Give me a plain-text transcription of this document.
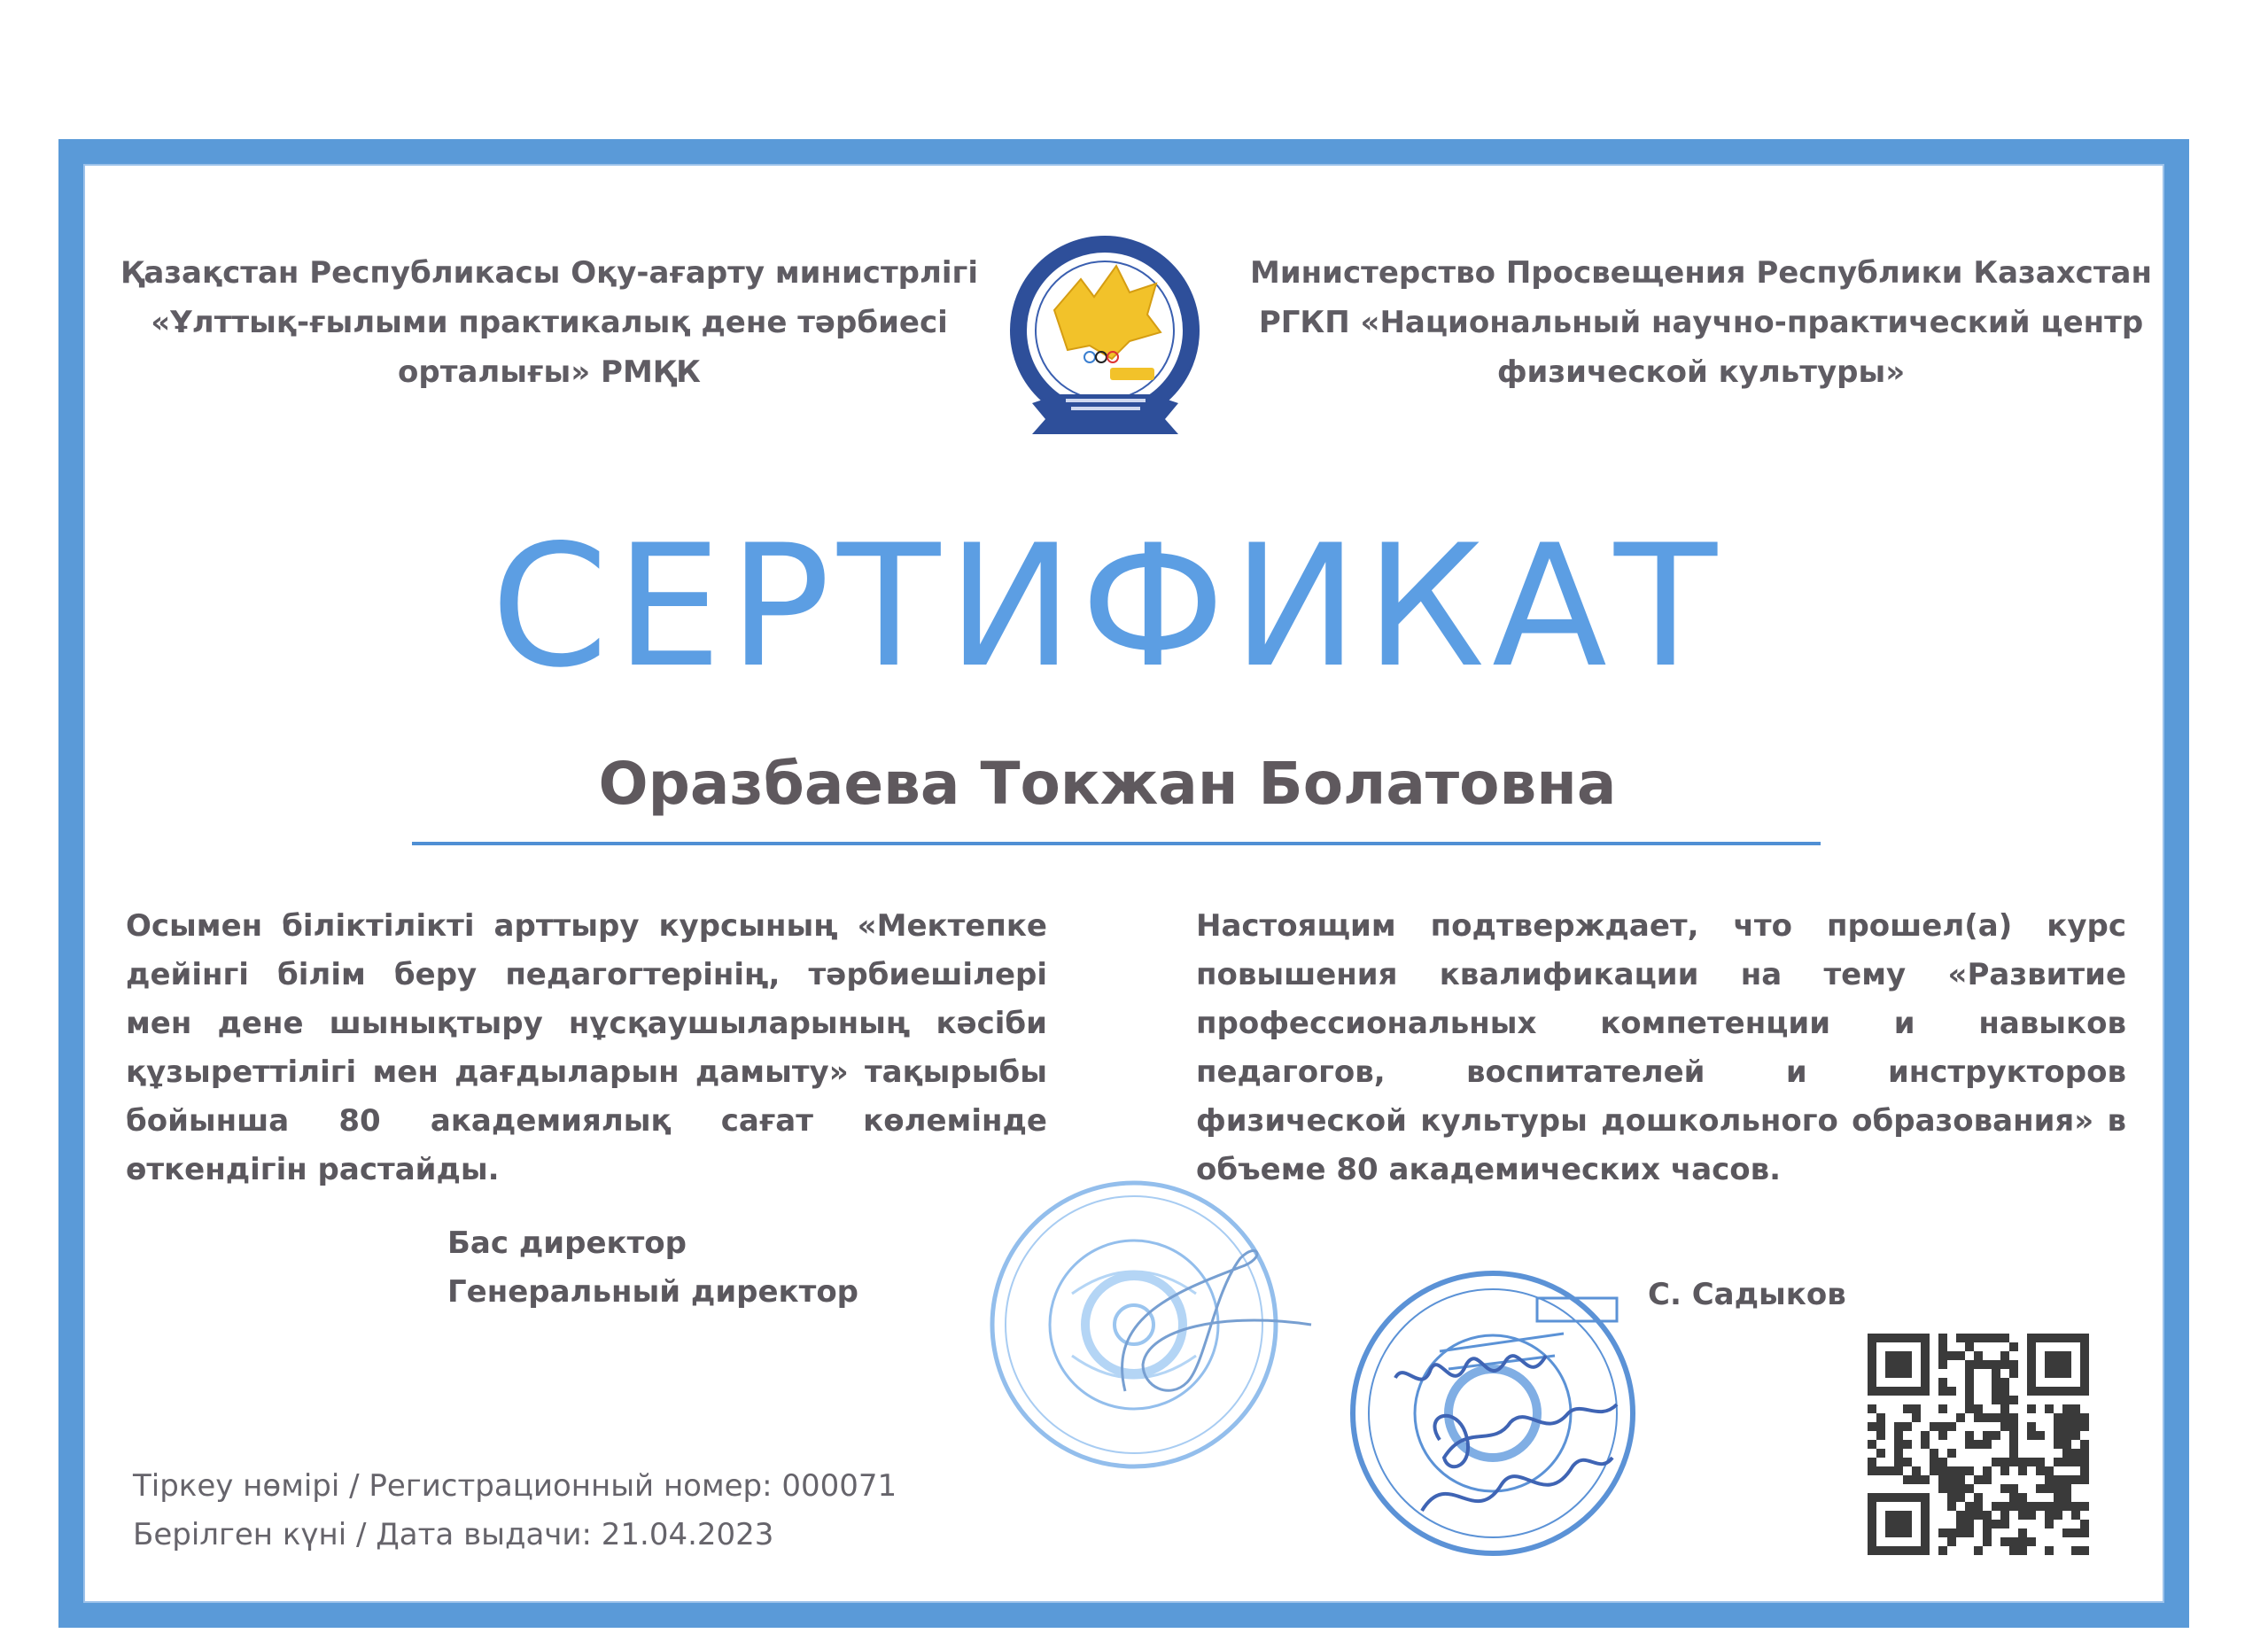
Қазақстан Республикасы Оқу-ағарту министрлігі
«Ұлттық-ғылыми практикалық дене тәрбиесі
орталығы» РМҚК
Министерство Просвещения Республики Казахстан
РГКП «Национальный научно-практический центр
физической культуры»
СЕРТИФИКАТ
Оразбаева Токжан Болатовна
Осымен біліктілікті арттыру курсының «Мектепке дейінгі білім беру педагогтерінің, тәрбиешілері мен дене шынықтыру нұсқаушыларының кәсіби құзыреттілігі мен дағдыларын дамыту» тақырыбы бойынша 80 академиялық сағат көлемінде өткендігін растайды.
Настоящим подтверждает, что прошел(а) курс повышения квалификации на тему «Развитие профессиональных компетенции и навыков педагогов, воспитателей и инструкторов физической культуры дошкольного образования» в объеме 80 академических часов.
Бас директор
Генеральный директор	С. Садыков
Тіркеу нөмірі / Регистрационный номер: 000071
Берілген күні / Дата выдачи: 21.04.2023
